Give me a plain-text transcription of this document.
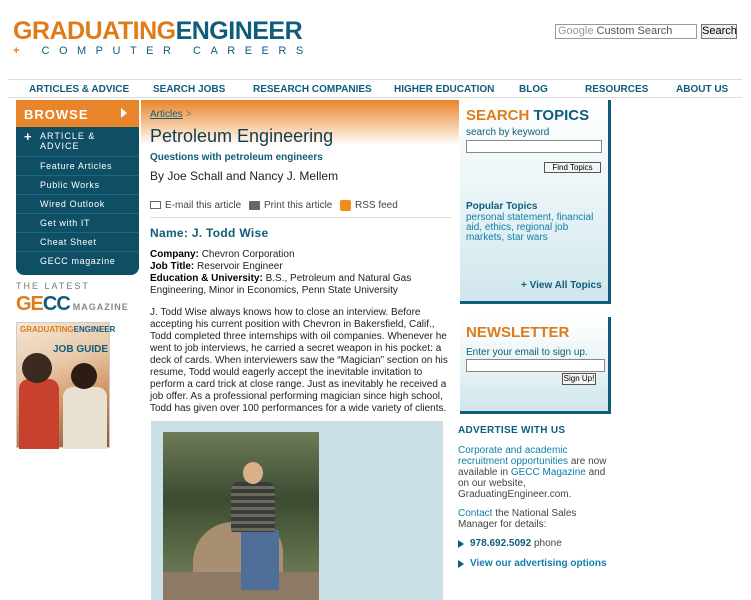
GRADUATINGENGINEER
+ COMPUTER CAREERS
Google Custom Search	Search
ARTICLES & ADVICE SEARCH JOBS	RESEARCH COMPANIES HIGHER EDUCATION BLOG	RESOURCES	ABOUT US
BROWSE
+ ARTICLE & ADVICE
Feature Articles
Public Works
Wired Outlook
Get with IT
Cheat Sheet
GECC magazine
THE LATEST
GECC MAGAZINE
GRADUATINGENGINEER
JOB GUIDE
Articles >
Petroleum Engineering
Questions with petroleum engineers
By Joe Schall and Nancy J. Mellem
E-mail this article	Print this article	RSS feed
Name: J. Todd Wise
Company: Chevron Corporation
Job Title: Reservoir Engineer
Education & University: B.S., Petroleum and Natural Gas Engineering, Minor in Economics, Penn State University
J. Todd Wise always knows how to close an interview. Before accepting his current position with Chevron in Bakersfield, Calif., Todd completed three internships with oil companies. Whenever he went to job interviews, he carried a secret weapon in his pocket: a deck of cards. When interviewers saw the “Magician” section on his resume, Todd would eagerly accept the inevitable invitation to perform a card trick at close range. Just as inevitably he received a job offer. As a professional performing magician since high school, Todd has given over 100 performances for a wide variety of clients.
SEARCH TOPICS
search by keyword
Find Topics
Popular Topics
personal statement, financial aid, ethics, regional job markets, star wars
+ View All Topics
NEWSLETTER
Enter your email to sign up.
Sign Up!
ADVERTISE WITH US
Corporate and academic recruitment opportunities are now available in GECC Magazine and on our website, GraduatingEngineer.com.
Contact the National Sales Manager for details:
978.692.5092 phone
View our advertising options
